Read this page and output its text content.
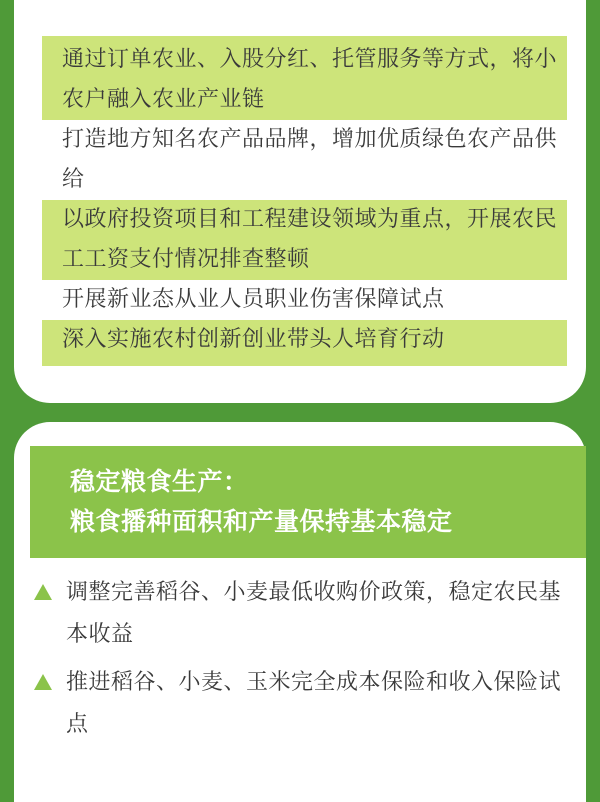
通过订单农业、入股分红、托管服务等方式，将小农户融入农业产业链
打造地方知名农产品品牌，增加优质绿色农产品供给
以政府投资项目和工程建设领域为重点，开展农民工工资支付情况排查整顿
开展新业态从业人员职业伤害保障试点
深入实施农村创新创业带头人培育行动
稳定粮食生产：
粮食播种面积和产量保持基本稳定
调整完善稻谷、小麦最低收购价政策，稳定农民基本收益
推进稻谷、小麦、玉米完全成本保险和收入保险试点
